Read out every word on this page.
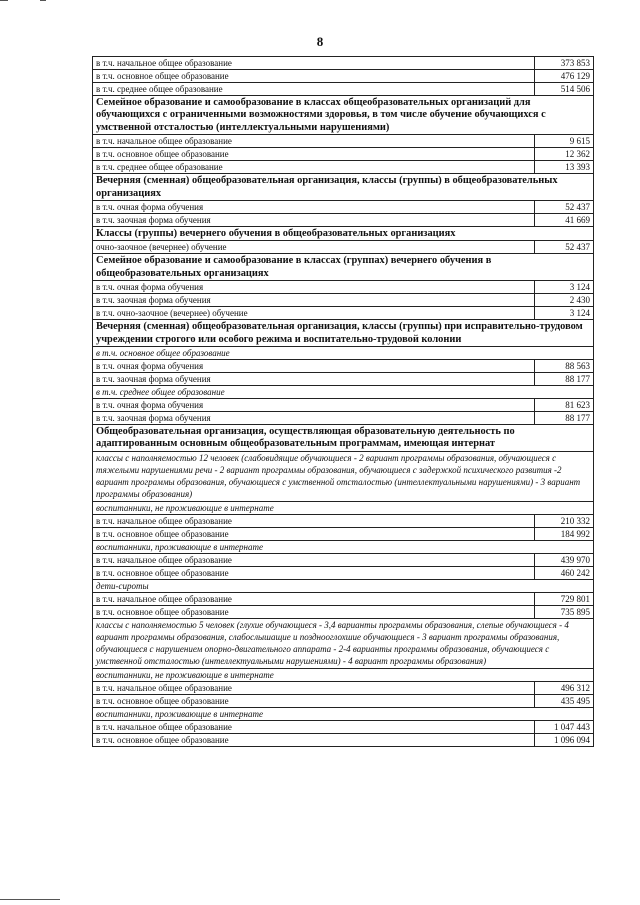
8
в т.ч. начальное общее образование	373 853
в т.ч. основное общее образование	476 129
в т.ч. среднее общее образование	514 506
Семейное образование и самообразование в классах общеобразовательных организаций для обучающихся с ограниченными возможностями здоровья, в том числе обучение обучающихся с умственной отсталостью (интеллектуальными нарушениями)	
в т.ч. начальное общее образование	9 615
в т.ч. основное общее образование	12 362
в т.ч. среднее общее образование	13 393
Вечерняя (сменная) общеобразовательная организация, классы (группы) в общеобразовательных организациях	
в т.ч. очная форма обучения	52 437
в т.ч. заочная форма обучения	41 669
Классы (группы) вечернего обучения в общеобразовательных организациях	
очно-заочное (вечернее) обучение	52 437
Семейное образование и самообразование в классах (группах) вечернего обучения в общеобразовательных организациях	
в т.ч. очная форма обучения	3 124
в т.ч. заочная форма обучения	2 430
в т.ч. очно-заочное (вечернее) обучение	3 124
Вечерняя (сменная) общеобразовательная организация, классы (группы) при исправительно-трудовом учреждении строгого или особого режима и воспитательно-трудовой колонии	
в т.ч. основное общее образование	
в т.ч. очная форма обучения	88 563
в т.ч. заочная форма обучения	88 177
в т.ч. среднее общее образование	
в т.ч. очная форма обучения	81 623
в т.ч. заочная форма обучения	88 177
Общеобразовательная организация, осуществляющая образовательную деятельность по адаптированным основным общеобразовательным программам, имеющая интернат	
классы с наполняемостью 12 человек (слабовидящие обучающиеся - 2 вариант программы образования, обучающиеся с тяжелыми нарушениями речи - 2 вариант программы образования, обучающиеся с задержкой психического развития -2 вариант программы образования, обучающиеся с умственной отсталостью (интеллектуальными нарушениями) - 3 вариант программы образования)	
воспитанники, не проживающие в интернате	
в т.ч. начальное общее образование	210 332
в т.ч. основное общее образование	184 992
воспитанники, проживающие в интернате	
в т.ч. начальное общее образование	439 970
в т.ч. основное общее образование	460 242
дети-сироты	
в т.ч. начальное общее образование	729 801
в т.ч. основное общее образование	735 895
классы с наполняемостью 5 человек (глухие обучающиеся - 3,4 варианты программы образования, слепые обучающиеся - 4 вариант программы образования, слабослышащие и позднооглохшие обучающиеся - 3 вариант программы образования, обучающиеся с нарушением опорно-двигательного аппарата - 2-4 варианты программы образования, обучающиеся с умственной отсталостью (интеллектуальными нарушениями) - 4 вариант программы образования)	
воспитанники, не проживающие в интернате	
в т.ч. начальное общее образование	496 312
в т.ч. основное общее образование	435 495
воспитанники, проживающие в интернате	
в т.ч. начальное общее образование	1 047 443
в т.ч. основное общее образование	1 096 094
